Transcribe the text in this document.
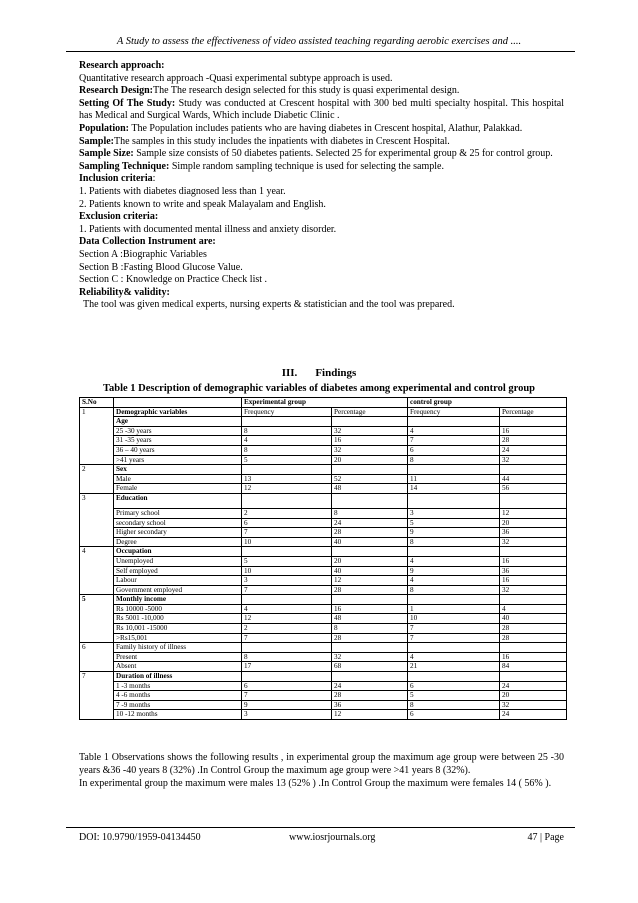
A Study to assess the effectiveness of video assisted teaching regarding aerobic exercises and ....

Research approach:

Quantitative research approach -Quasi experimental subtype approach is used.

Research Design:The The research design selected for this study is quasi experimental design.

Setting Of The Study: Study was conducted at Crescent hospital with 300 bed multi specialty hospital. This hospital has Medical and Surgical Wards, Which include Diabetic Clinic .

Population: The Population includes patients who are having diabetes in Crescent hospital, Alathur, Palakkad.

Sample:The samples in this study includes the inpatients with diabetes in Crescent Hospital.

Sample Size: Sample size consists of 50 diabetes patients. Selected 25 for experimental group & 25 for control group.

Sampling Technique: Simple random sampling technique is used for selecting the sample.

Inclusion criteria:

1. Patients with diabetes diagnosed less than 1 year.

2. Patients known to write and speak Malayalam and English.

Exclusion criteria:

1. Patients with documented mental illness and anxiety disorder.

Data Collection Instrument are:

Section A :Biographic Variables

Section B :Fasting Blood Glucose Value.

Section C : Knowledge on Practice Check list .

Reliability& validity:

The tool was given medical experts, nursing experts & statistician and the tool was prepared.

III. Findings
Table 1 Description of demographic variables of diabetes among experimental and control group
S.No		Experimental group		control group	
1	Demographic variables	Frequency	Percentage	Frequency	Percentage
	Age				
	25 -30 years	8	32	4	16
	31 -35 years	4	16	7	28
	36 – 40 years	8	32	6	24
	>41 years	5	20	8	32
2	Sex				
	Male	13	52	11	44
	Female	12	48	14	56
3	Education				
	Primary school	2	8	3	12
	secondary school	6	24	5	20
	Higher secondary	7	28	9	36
	Degree	10	40	8	32
4	Occupation				
	Unemployed	5	20	4	16
	Self employed	10	40	9	36
	Labour	3	12	4	16
	Government employed	7	28	8	32
5	Monthly income				
	Rs 10000 -5000	4	16	1	4
	Rs 5001 -10,000	12	48	10	40
	Rs 10,001 -15000	2	8	7	28
	>Rs15,001	7	28	7	28
6	Family history of illness				
	Present	8	32	4	16
	Absent	17	68	21	84
7	Duration of illness				
	1 -3 months	6	24	6	24
	4 -6 months	7	28	5	20
	7 -9 months	9	36	8	32
	10 -12 months	3	12	6	24

Table 1 Observations shows the following results , in experimental group the maximum age group were between 25 -30 years &36 -40 years 8 (32%) .In Control Group the maximum age group were >41 years 8 (32%).

In experimental group the maximum were males 13 (52% ) .In Control Group the maximum were females 14 ( 56% ).

DOI: 10.9790/1959-04134450	www.iosrjournals.org	47 | Page
